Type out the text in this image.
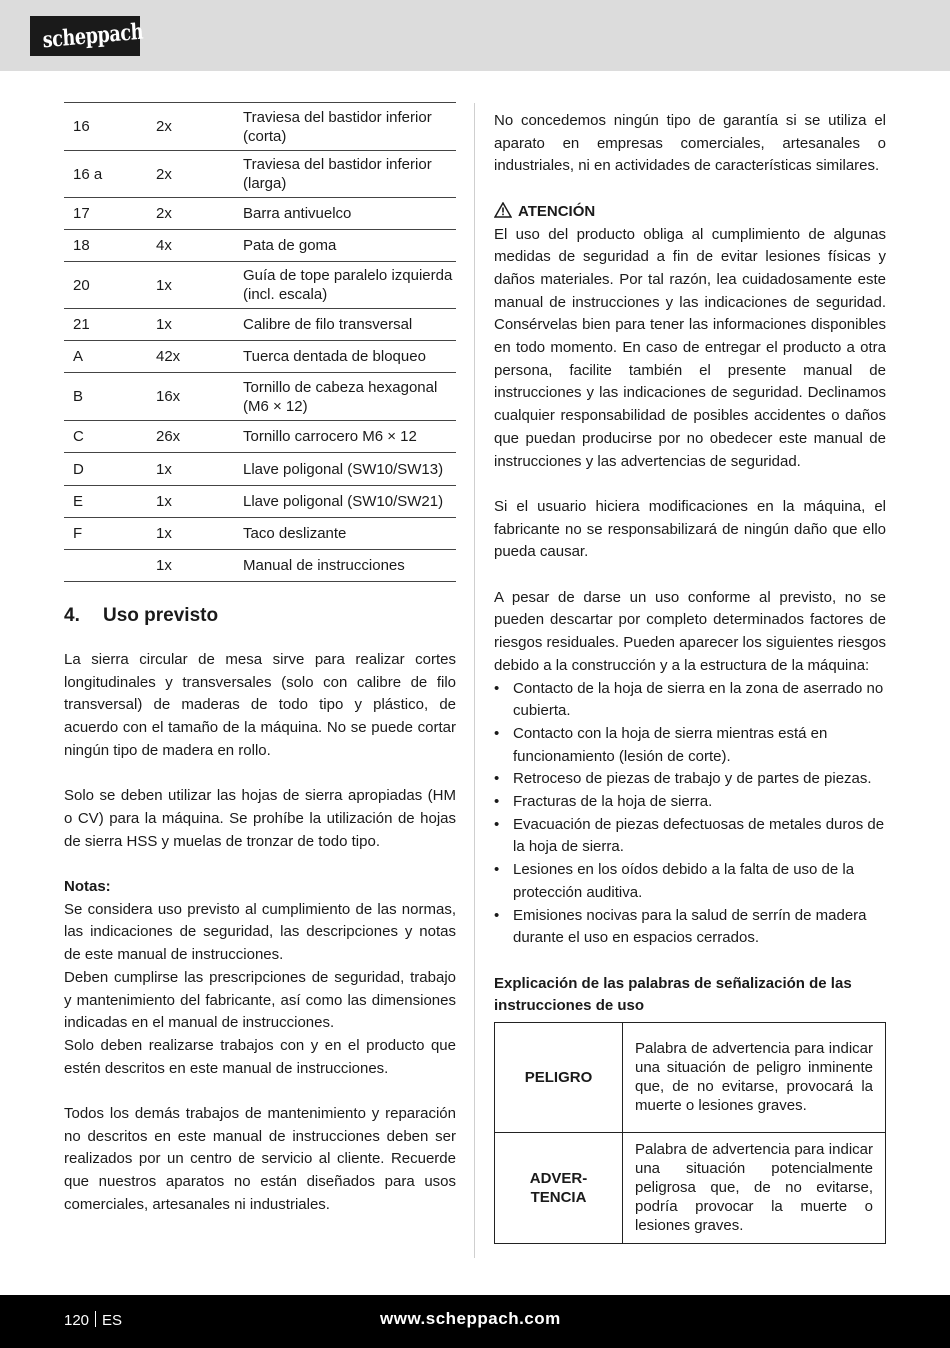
scheppach
16	2x	Traviesa del bastidor inferior (corta)
16 a	2x	Traviesa del bastidor inferior (larga)
17	2x	Barra antivuelco
18	4x	Pata de goma
20	1x	Guía de tope paralelo izquierda (incl. escala)
21	1x	Calibre de filo transversal
A	42x	Tuerca dentada de bloqueo
B	16x	Tornillo de cabeza hexagonal (M6 × 12)
C	26x	Tornillo carrocero M6 × 12
D	1x	Llave poligonal (SW10/SW13)
E	1x	Llave poligonal (SW10/SW21)
F	1x	Taco deslizante
	1x	Manual de instrucciones
4. Uso previsto

La sierra circular de mesa sirve para realizar cortes longitudinales y transversales (solo con calibre de filo transversal) de maderas de todo tipo y plástico, de acuerdo con el tamaño de la máquina. No se puede cortar ningún tipo de madera en rollo.

Solo se deben utilizar las hojas de sierra apropiadas (HM o CV) para la máquina. Se prohíbe la utilización de hojas de sierra HSS y muelas de tronzar de todo tipo.

Notas:

Se considera uso previsto al cumplimiento de las normas, las indicaciones de seguridad, las descripciones y notas de este manual de instrucciones.

Deben cumplirse las prescripciones de seguridad, trabajo y mantenimiento del fabricante, así como las dimensiones indicadas en el manual de instrucciones.

Solo deben realizarse trabajos con y en el producto que estén descritos en este manual de instrucciones.

Todos los demás trabajos de mantenimiento y reparación no descritos en este manual de instrucciones deben ser realizados por un centro de servicio al cliente. Recuerde que nuestros aparatos no están diseñados para usos comerciales, artesanales ni industriales.

No concedemos ningún tipo de garantía si se utiliza el aparato en empresas comerciales, artesanales o industriales, ni en actividades de características similares.

ATENCIÓN

El uso del producto obliga al cumplimiento de algunas medidas de seguridad a fin de evitar lesiones físicas y daños materiales. Por tal razón, lea cuidadosamente este manual de instrucciones y las indicaciones de seguridad. Consérvelas bien para tener las informaciones disponibles en todo momento. En caso de entregar el producto a otra persona, facilite también el presente manual de instrucciones y las indicaciones de seguridad. Declinamos cualquier responsabilidad de posibles accidentes o daños que puedan producirse por no obedecer este manual de instrucciones y las advertencias de seguridad.

Si el usuario hiciera modificaciones en la máquina, el fabricante no se responsabilizará de ningún daño que ello pueda causar.

A pesar de darse un uso conforme al previsto, no se pueden descartar por completo determinados factores de riesgos residuales. Pueden aparecer los siguientes riesgos debido a la construcción y a la estructura de la máquina:

• Contacto de la hoja de sierra en la zona de aserrado no cubierta.
• Contacto con la hoja de sierra mientras está en funcionamiento (lesión de corte).
• Retroceso de piezas de trabajo y de partes de piezas.
• Fracturas de la hoja de sierra.
• Evacuación de piezas defectuosas de metales duros de la hoja de sierra.
• Lesiones en los oídos debido a la falta de uso de la protección auditiva.
• Emisiones nocivas para la salud de serrín de madera durante el uso en espacios cerrados.

Explicación de las palabras de señalización de las instrucciones de uso

PELIGRO	Palabra de advertencia para indicar una situación de peligro inminente que, de no evitarse, provocará la muerte o lesiones graves.
ADVER-
TENCIA	Palabra de advertencia para indicar una situación potencialmente peligrosa que, de no evitarse, podría provocar la muerte o lesiones graves.
120 ES	www.scheppach.com
